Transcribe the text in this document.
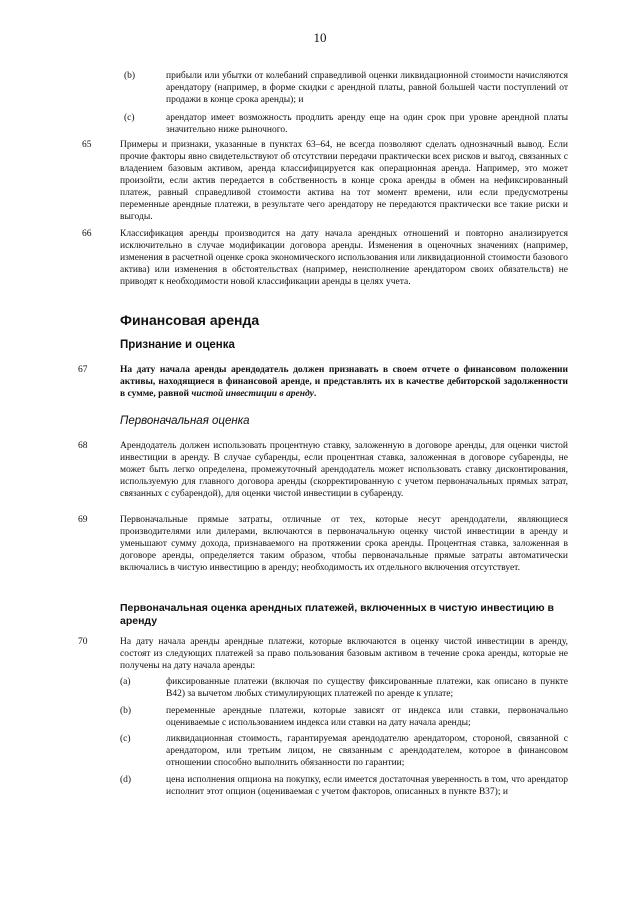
10
(b)	прибыли или убытки от колебаний справедливой оценки ликвидационной стоимости начисляются арендатору (например, в форме скидки с арендной платы, равной большей части поступлений от продажи в конце срока аренды); и
(c)	арендатор имеет возможность продлить аренду еще на один срок при уровне арендной платы значительно ниже рыночного.
65	Примеры и признаки, указанные в пунктах 63–64, не всегда позволяют сделать однозначный вывод. Если прочие факторы явно свидетельствуют об отсутствии передачи практически всех рисков и выгод, связанных с владением базовым активом, аренда классифицируется как операционная аренда. Например, это может произойти, если актив передается в собственность в конце срока аренды в обмен на нефиксированный платеж, равный справедливой стоимости актива на тот момент времени, или если предусмотрены переменные арендные платежи, в результате чего арендатору не передаются практически все такие риски и выгоды.
66	Классификация аренды производится на дату начала арендных отношений и повторно анализируется исключительно в случае модификации договора аренды. Изменения в оценочных значениях (например, изменения в расчетной оценке срока экономического использования или ликвидационной стоимости базового актива) или изменения в обстоятельствах (например, неисполнение арендатором своих обязательств) не приводят к необходимости новой классификации аренды в целях учета.
Финансовая аренда
Признание и оценка
67	На дату начала аренды арендодатель должен признавать в своем отчете о финансовом положении активы, находящиеся в финансовой аренде, и представлять их в качестве дебиторской задолженности в сумме, равной чистой инвестиции в аренду.
Первоначальная оценка
68	Арендодатель должен использовать процентную ставку, заложенную в договоре аренды, для оценки чистой инвестиции в аренду. В случае субаренды, если процентная ставка, заложенная в договоре субаренды, не может быть легко определена, промежуточный арендодатель может использовать ставку дисконтирования, используемую для главного договора аренды (скорректированную с учетом первоначальных прямых затрат, связанных с субарендой), для оценки чистой инвестиции в субаренду.
69	Первоначальные прямые затраты, отличные от тех, которые несут арендодатели, являющиеся производителями или дилерами, включаются в первоначальную оценку чистой инвестиции в аренду и уменьшают сумму дохода, признаваемого на протяжении срока аренды. Процентная ставка, заложенная в договоре аренды, определяется таким образом, чтобы первоначальные прямые затраты автоматически включались в чистую инвестицию в аренду; необходимость их отдельного включения отсутствует.
Первоначальная оценка арендных платежей, включенных в чистую инвестицию в аренду
70	На дату начала аренды арендные платежи, которые включаются в оценку чистой инвестиции в аренду, состоят из следующих платежей за право пользования базовым активом в течение срока аренды, которые не получены на дату начала аренды:
(a)	фиксированные платежи (включая по существу фиксированные платежи, как описано в пункте B42) за вычетом любых стимулирующих платежей по аренде к уплате;
(b)	переменные арендные платежи, которые зависят от индекса или ставки, первоначально оцениваемые с использованием индекса или ставки на дату начала аренды;
(c)	ликвидационная стоимость, гарантируемая арендодателю арендатором, стороной, связанной с арендатором, или третьим лицом, не связанным с арендодателем, которое в финансовом отношении способно выполнить обязанности по гарантии;
(d)	цена исполнения опциона на покупку, если имеется достаточная уверенность в том, что арендатор исполнит этот опцион (оцениваемая с учетом факторов, описанных в пункте B37); и
